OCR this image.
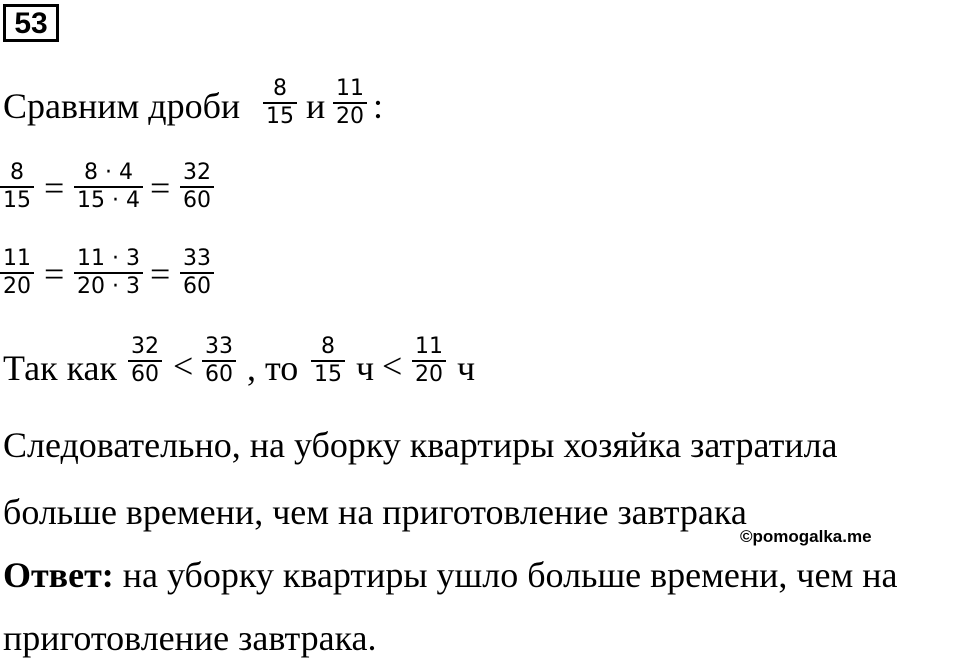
53
Сравним дроби 8
15 и 11
20 :
8
15 = 8 · 4
15 · 4 = 32
60
11
20 = 11 · 3
20 · 3 = 33
60
Так как
32
60 < 33
60 , то
8
15 ч < 11
20 ч
Следовательно, на уборку квартиры хозяйка затратила
больше времени, чем на приготовление завтрака
©pomogalka.me
Ответ: на уборку квартиры ушло больше времени, чем на
приготовление завтрака.
